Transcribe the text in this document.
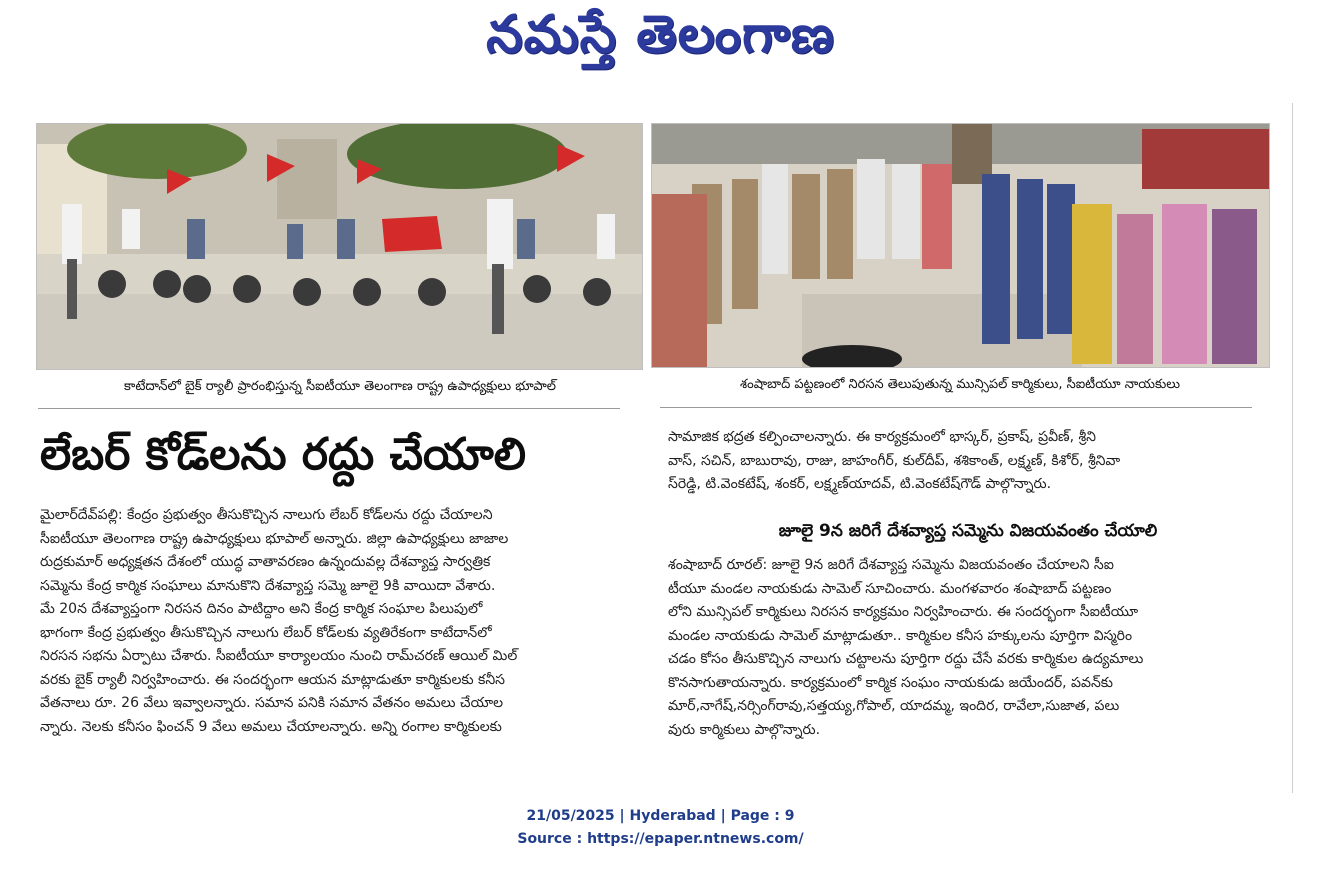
నమస్తే తెలంగాణ
కాటేదాన్‌లో బైక్ ర్యాలీ ప్రారంభిస్తున్న సీఐటీయూ తెలంగాణ రాష్ట్ర ఉపాధ్యక్షులు భూపాల్	శంషాబాద్ పట్టణంలో నిరసన తెలుపుతున్న మున్సిపల్ కార్మికులు, సీఐటీయూ నాయకులు
లేబర్ కోడ్‌లను రద్దు చేయాలి

మైలార్‌దేవ్‌పల్లి: కేంద్రం ప్రభుత్వం తీసుకొచ్చిన నాలుగు లేబర్ కోడ్‌లను రద్దు చేయాలని

సీఐటీయూ తెలంగాణ రాష్ట్ర ఉపాధ్యక్షులు భూపాల్ అన్నారు. జిల్లా ఉపాధ్యక్షులు జాజాల

రుద్రకుమార్ అధ్యక్షతన దేశంలో యుద్ధ వాతావరణం ఉన్నందువల్ల దేశవ్యాప్త సార్వత్రిక

సమ్మెను కేంద్ర కార్మిక సంఘాలు మానుకొని దేశవ్యాప్త సమ్మె జూలై 9కి వాయిదా వేశారు.

మే 20న దేశవ్యాప్తంగా నిరసన దినం పాటిద్దాం అని కేంద్ర కార్మిక సంఘాల పిలుపులో

భాగంగా కేంద్ర ప్రభుత్వం తీసుకొచ్చిన నాలుగు లేబర్ కోడ్‌లకు వ్యతిరేకంగా కాటేదాన్‌లో

నిరసన సభను ఏర్పాటు చేశారు. సీఐటీయూ కార్యాలయం నుంచి రామ్‌చరణ్ ఆయిల్ మిల్

వరకు బైక్ ర్యాలీ నిర్వహించారు. ఈ సందర్భంగా ఆయన మాట్లాడుతూ కార్మికులకు కనీస

వేతనాలు రూ. 26 వేలు ఇవ్వాలన్నారు. సమాన పనికి సమాన వేతనం అమలు చేయాల

న్నారు. నెలకు కనీసం ఫించన్ 9 వేలు అమలు చేయాలన్నారు. అన్ని రంగాల కార్మికులకు

సామాజిక భద్రత కల్పించాలన్నారు. ఈ కార్యక్రమంలో భాస్కర్, ప్రకాష్, ప్రవీణ్, శ్రీని

వాస్, సచిన్, బాబురావు, రాజు, జాహంగీర్, కుల్‌దీప్, శశికాంత్, లక్ష్మణ్, కిశోర్, శ్రీనివా

స్‌రెడ్డి, టి.వెంకటేష్, శంకర్, లక్ష్మణ్‌యాదవ్, టి.వెంకటేష్‌గౌడ్ పాల్గొన్నారు.

జూలై 9న జరిగే దేశవ్యాప్త సమ్మెను విజయవంతం చేయాలి

శంషాబాద్ రూరల్: జూలై 9న జరిగే దేశవ్యాప్త సమ్మెను విజయవంతం చేయాలని సీఐ

టీయూ మండల నాయకుడు సామెల్ సూచించారు. మంగళవారం శంషాబాద్ పట్టణం

లోని మున్సిపల్ కార్మికులు నిరసన కార్యక్రమం నిర్వహించారు. ఈ సందర్భంగా సీఐటీయూ

మండల నాయకుడు సామెల్ మాట్లాడుతూ.. కార్మికుల కనీస హక్కులను పూర్తిగా విస్మరిం

చడం కోసం తీసుకొచ్చిన నాలుగు చట్టాలను పూర్తిగా రద్దు చేసే వరకు కార్మికుల ఉద్యమాలు

కొనసాగుతాయన్నారు. కార్యక్రమంలో కార్మిక సంఘం నాయకుడు జయేందర్, పవన్‌కు

మార్,నాగేష్,నర్సింగ్‌రావు,సత్తయ్య,గోపాల్, యాదమ్మ, ఇందిర, రావేలా,సుజాత, పలు

వురు కార్మికులు పాల్గొన్నారు.

21/05/2025 | Hyderabad | Page : 9
Source : https://epaper.ntnews.com/
